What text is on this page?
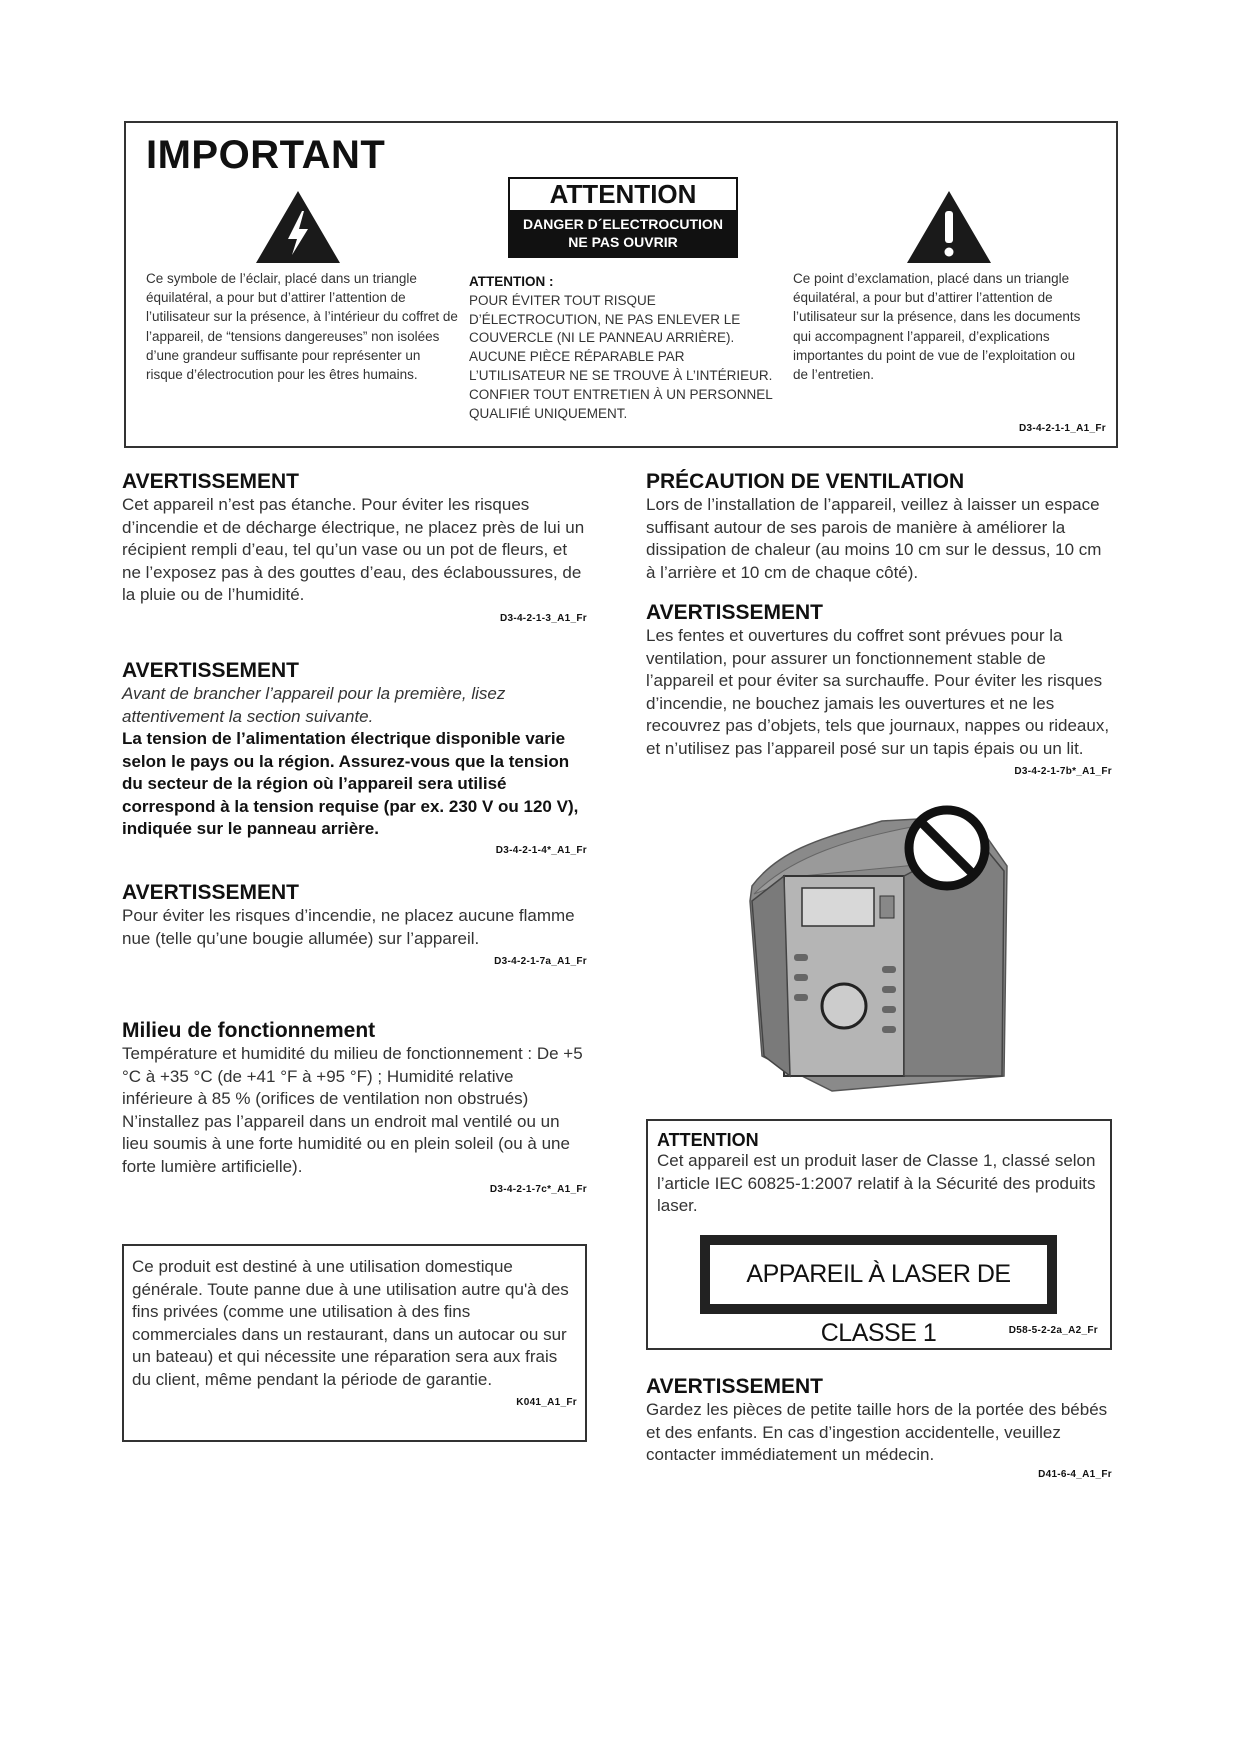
IMPORTANT
ATTENTION
DANGER D´ELECTROCUTION
NE PAS OUVRIR
Ce symbole de l’éclair, placé dans un triangle équilatéral, a pour but d’attirer l’attention de l’utilisateur sur la présence, à l’intérieur du coffret de l’appareil, de “tensions dangereuses” non isolées d’une grandeur suffisante pour représenter un risque d’électrocution pour les êtres humains.
ATTENTION :
POUR ÉVITER TOUT RISQUE D’ÉLECTROCUTION, NE PAS ENLEVER LE COUVERCLE (NI LE PANNEAU ARRIÈRE). AUCUNE PIÈCE RÉPARABLE PAR L’UTILISATEUR NE SE TROUVE À L’INTÉRIEUR. CONFIER TOUT ENTRETIEN À UN PERSONNEL QUALIFIÉ UNIQUEMENT.
Ce point d’exclamation, placé dans un triangle équilatéral, a pour but d’attirer l’attention de l’utilisateur sur la présence, dans les documents qui accompagnent l’appareil, d’explications importantes du point de vue de l’exploitation ou de l’entretien.
D3-4-2-1-1_A1_Fr
AVERTISSEMENT
Cet appareil n’est pas étanche. Pour éviter les risques d’incendie et de décharge électrique, ne placez près de lui un récipient rempli d’eau, tel qu’un vase ou un pot de fleurs, et ne l’exposez pas à des gouttes d’eau, des éclaboussures, de la pluie ou de l’humidité.
D3-4-2-1-3_A1_Fr
AVERTISSEMENT
Avant de brancher l’appareil pour la première, lisez attentivement la section suivante.
La tension de l’alimentation électrique disponible varie selon le pays ou la région. Assurez-vous que la tension du secteur de la région où l’appareil sera utilisé correspond à la tension requise (par ex. 230 V ou 120 V), indiquée sur le panneau arrière.
D3-4-2-1-4*_A1_Fr
AVERTISSEMENT
Pour éviter les risques d’incendie, ne placez aucune flamme nue (telle qu’une bougie allumée) sur l’appareil.
D3-4-2-1-7a_A1_Fr
Milieu de fonctionnement
Température et humidité du milieu de fonctionnement : De +5 °C à +35 °C (de +41 °F à +95 °F) ; Humidité relative inférieure à 85 % (orifices de ventilation non obstrués)
N’installez pas l’appareil dans un endroit mal ventilé ou un lieu soumis à une forte humidité ou en plein soleil (ou à une forte lumière artificielle).
D3-4-2-1-7c*_A1_Fr
Ce produit est destiné à une utilisation domestique générale. Toute panne due à une utilisation autre qu'à des fins privées (comme une utilisation à des fins commerciales dans un restaurant, dans un autocar ou sur un bateau) et qui nécessite une réparation sera aux frais du client, même pendant la période de garantie.
K041_A1_Fr
PRÉCAUTION DE VENTILATION
Lors de l’installation de l’appareil, veillez à laisser un espace suffisant autour de ses parois de manière à améliorer la dissipation de chaleur (au moins 10 cm sur le dessus, 10 cm à l’arrière et 10 cm de chaque côté).
AVERTISSEMENT
Les fentes et ouvertures du coffret sont prévues pour la ventilation, pour assurer un fonctionnement stable de l’appareil et pour éviter sa surchauffe. Pour éviter les risques d’incendie, ne bouchez jamais les ouvertures et ne les recouvrez pas d’objets, tels que journaux, nappes ou rideaux, et n’utilisez pas l’appareil posé sur un tapis épais ou un lit.
D3-4-2-1-7b*_A1_Fr
ATTENTION
Cet appareil est un produit laser de Classe 1, classé selon l’article IEC 60825-1:2007 relatif à la Sécurité des produits laser.
APPAREIL À LASER DE CLASSE 1	D58-5-2-2a_A2_Fr
AVERTISSEMENT
Gardez les pièces de petite taille hors de la portée des bébés et des enfants. En cas d’ingestion accidentelle, veuillez contacter immédiatement un médecin.
D41-6-4_A1_Fr
